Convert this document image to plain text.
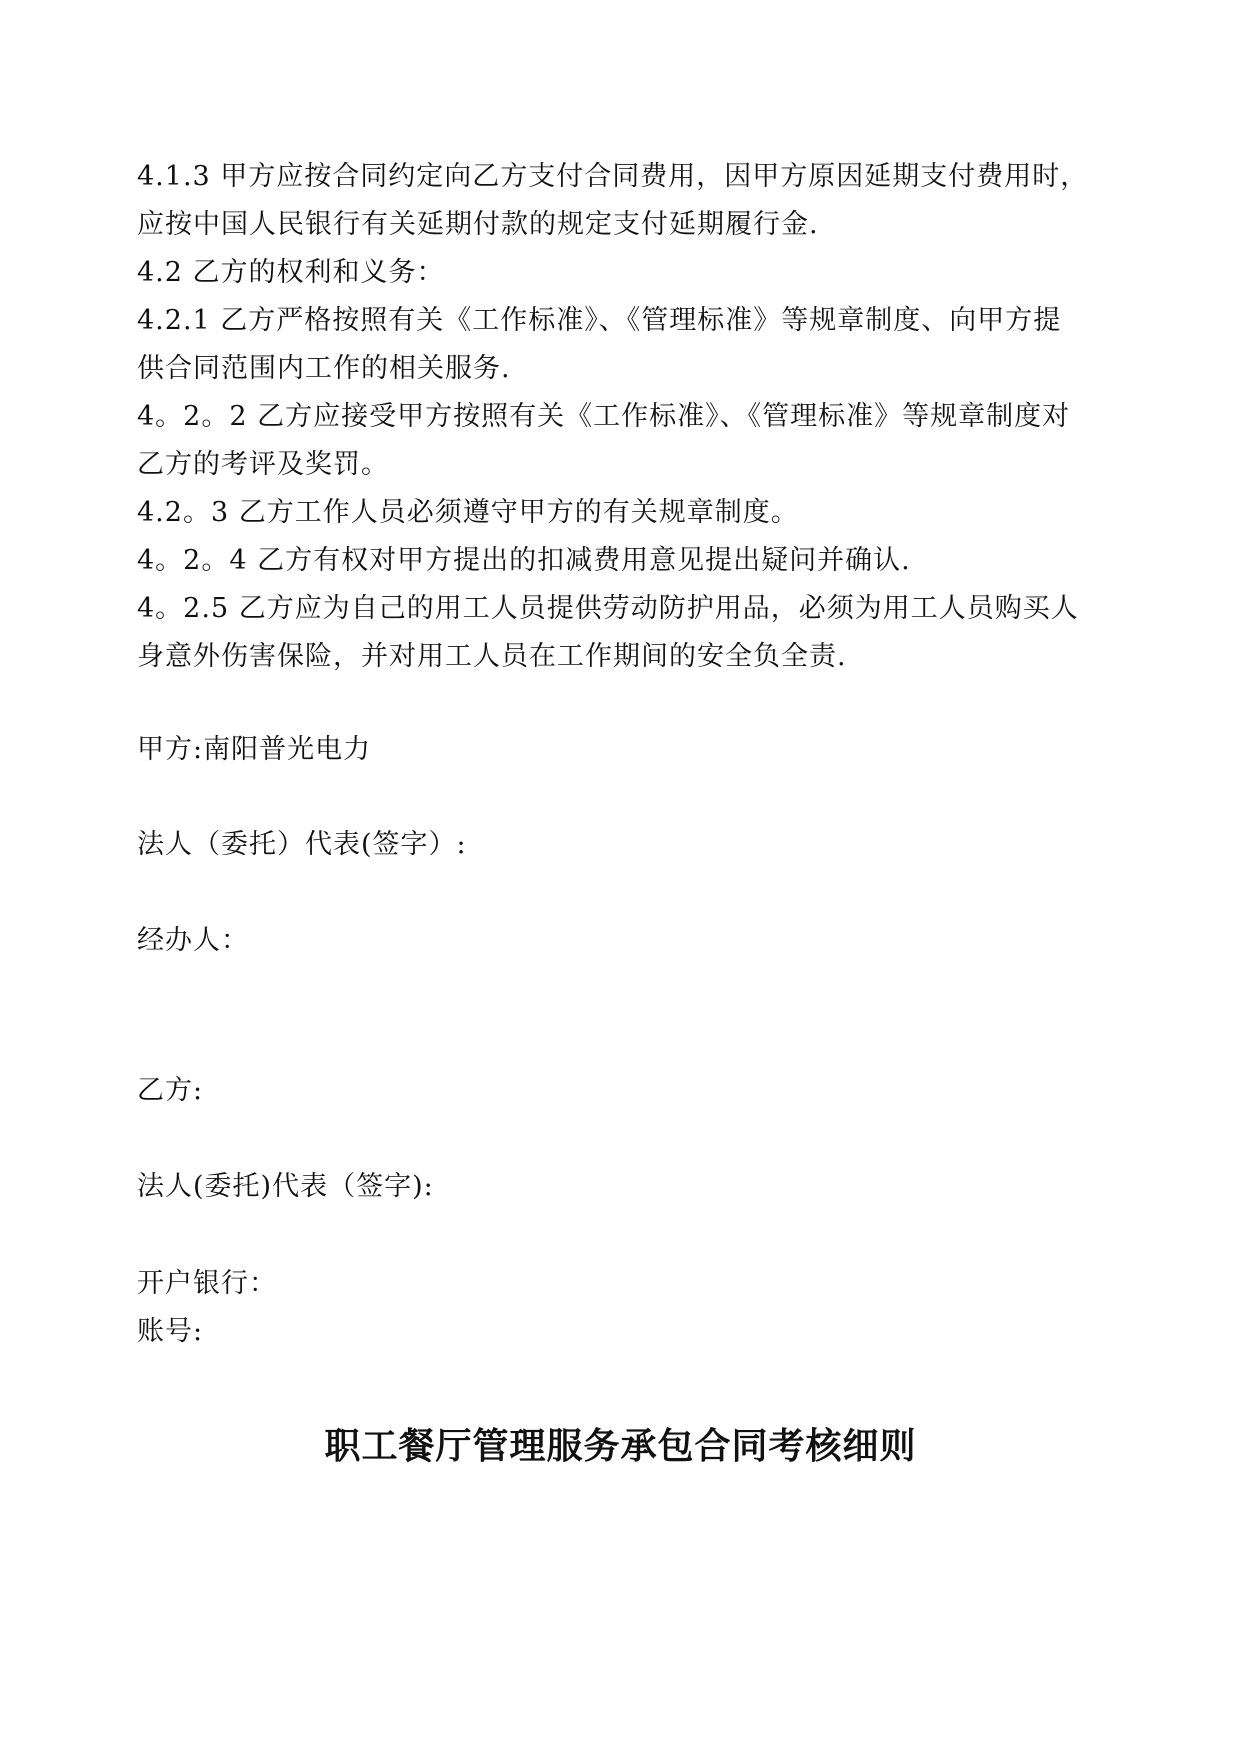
4.1.3 甲方应按合同约定向乙方支付合同费用，因甲方原因延期支付费用时，

应按中国人民银行有关延期付款的规定支付延期履行金.

4.2 乙方的权利和义务：

4.2.1 乙方严格按照有关《工作标准》、《管理标准》等规章制度、向甲方提

供合同范围内工作的相关服务.

4。2。2 乙方应接受甲方按照有关《工作标准》、《管理标准》等规章制度对

乙方的考评及奖罚。

4.2。3 乙方工作人员必须遵守甲方的有关规章制度。

4。2。4 乙方有权对甲方提出的扣减费用意见提出疑问并确认.

4。2.5 乙方应为自己的用工人员提供劳动防护用品，必须为用工人员购买人

身意外伤害保险，并对用工人员在工作期间的安全负全责.

甲方:南阳普光电力

法人（委托）代表(签字）:

经办人：

乙方:

法人(委托)代表（签字):

开户银行：

账号:

职工餐厅管理服务承包合同考核细则
